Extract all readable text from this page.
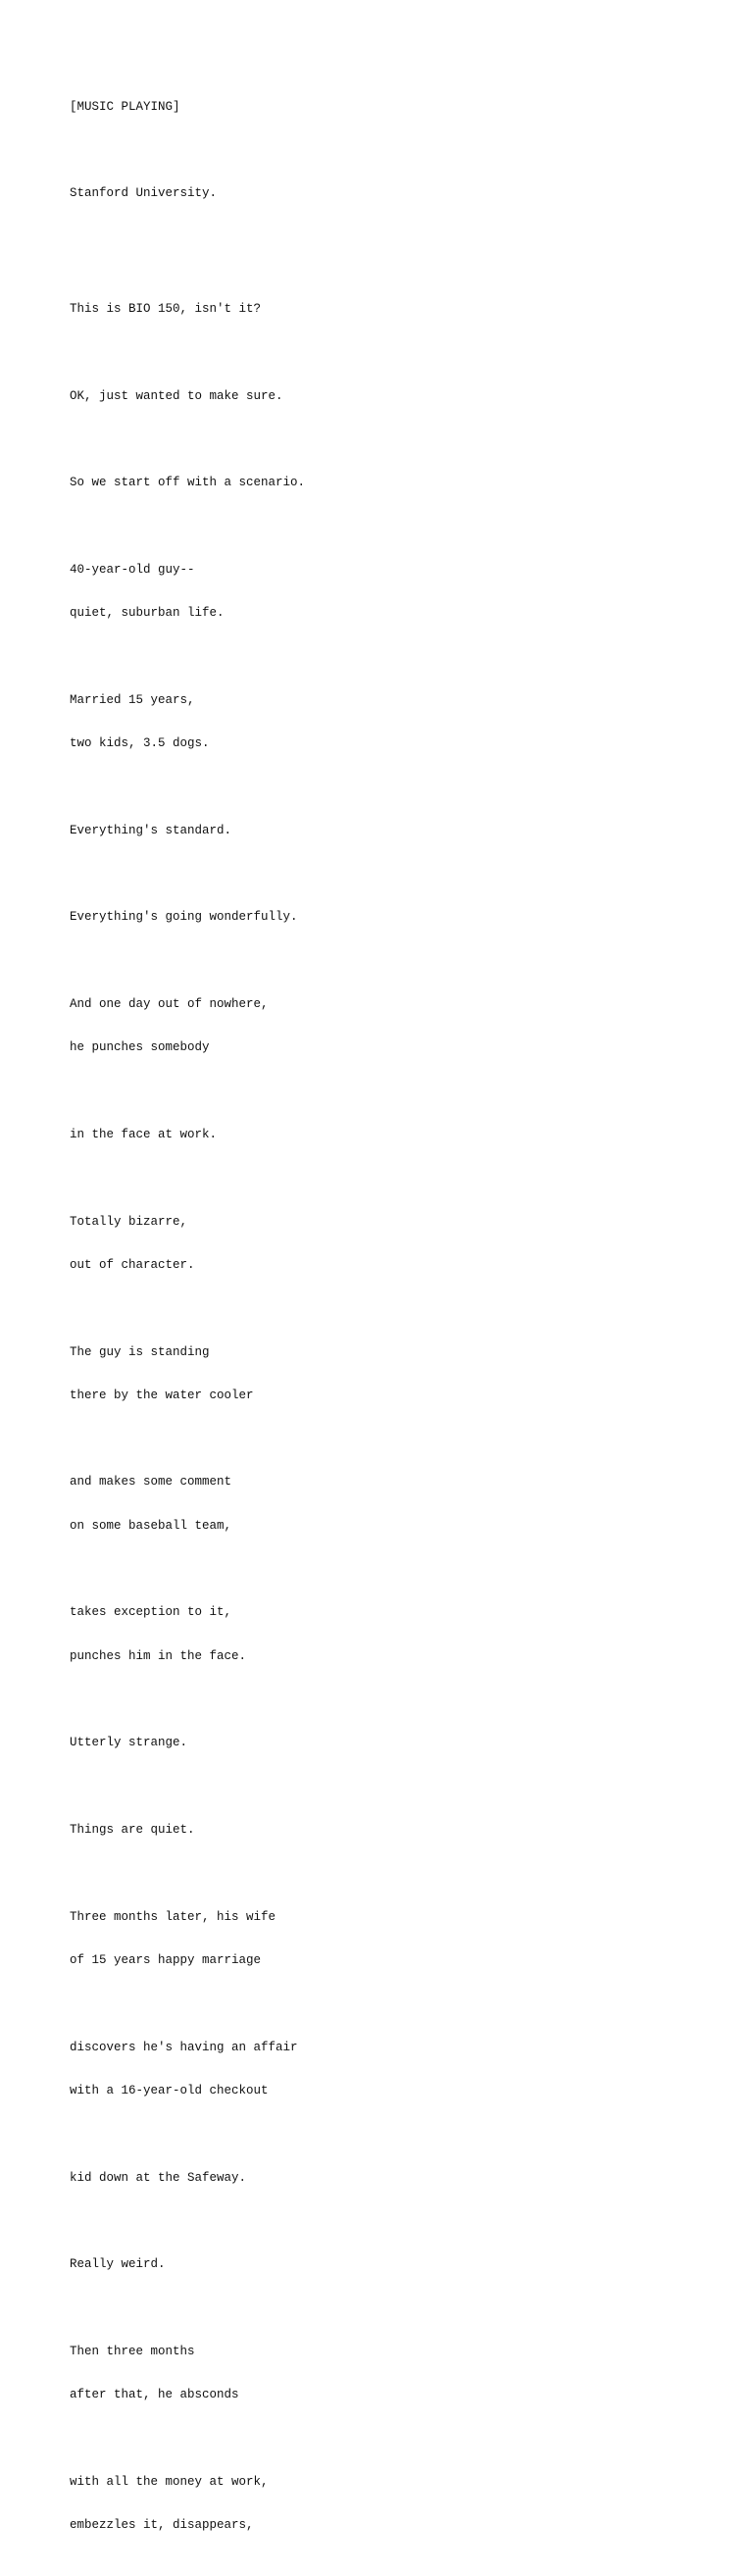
[MUSIC PLAYING]

Stanford University.

This is BIO 150, isn't it?

OK, just wanted to make sure.

So we start off with a scenario.

40-year-old guy--

quiet, suburban life.

Married 15 years,

two kids, 3.5 dogs.

Everything's standard.

Everything's going wonderfully.

And one day out of nowhere,

he punches somebody

in the face at work.

Totally bizarre,

out of character.

The guy is standing

there by the water cooler

and makes some comment

on some baseball team,

takes exception to it,

punches him in the face.

Utterly strange.

Things are quiet.

Three months later, his wife

of 15 years happy marriage

discovers he's having an affair

with a 16-year-old checkout

kid down at the Safeway.

Really weird.

Then three months

after that, he absconds

with all the money at work,

embezzles it, disappears,
